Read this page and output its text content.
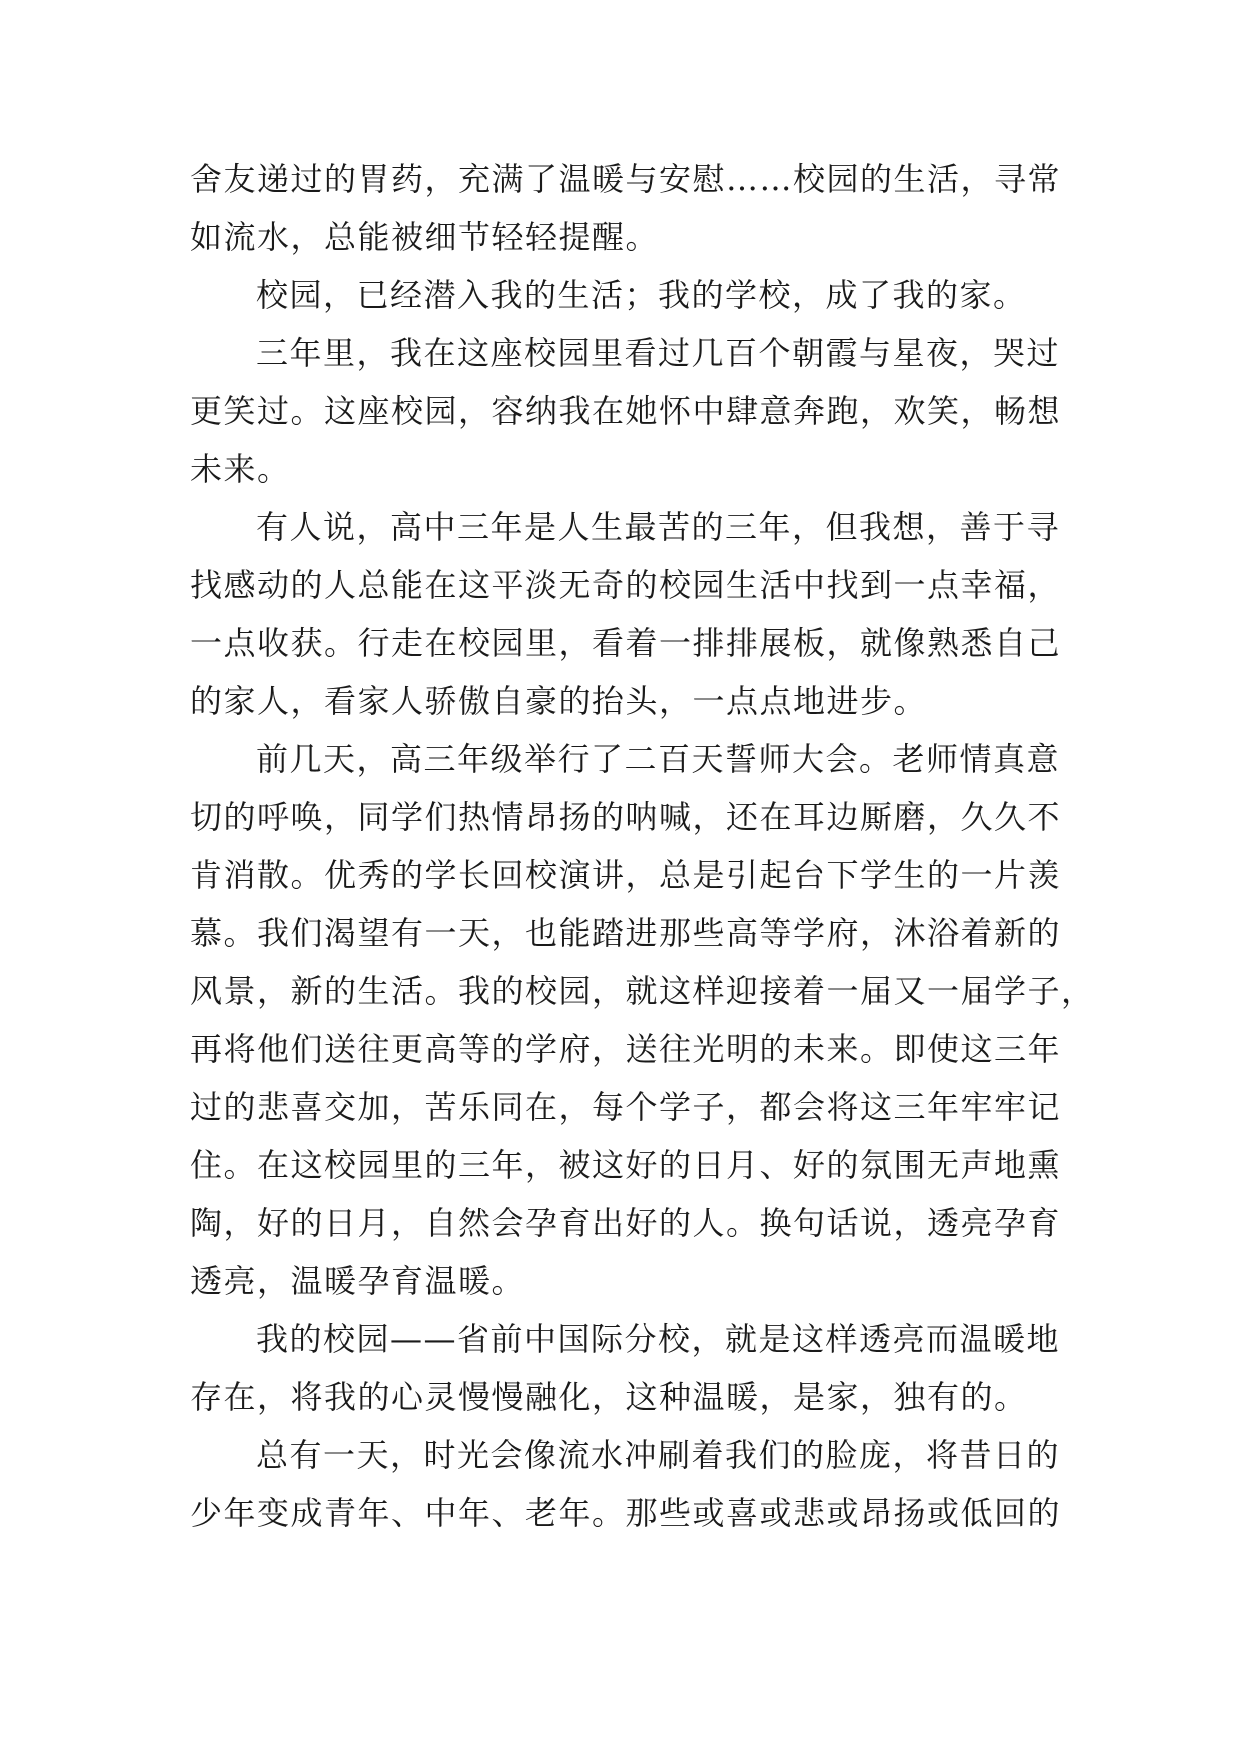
舍友递过的胃药，充满了温暖与安慰……校园的生活，寻常
如流水，总能被细节轻轻提醒。
校园，已经潜入我的生活；我的学校，成了我的家。
三年里，我在这座校园里看过几百个朝霞与星夜，哭过
更笑过。这座校园，容纳我在她怀中肆意奔跑，欢笑，畅想
未来。
有人说，高中三年是人生最苦的三年，但我想，善于寻
找感动的人总能在这平淡无奇的校园生活中找到一点幸福，
一点收获。行走在校园里，看着一排排展板，就像熟悉自己
的家人，看家人骄傲自豪的抬头，一点点地进步。
前几天，高三年级举行了二百天誓师大会。老师情真意
切的呼唤，同学们热情昂扬的呐喊，还在耳边厮磨，久久不
肯消散。优秀的学长回校演讲，总是引起台下学生的一片羡
慕。我们渴望有一天，也能踏进那些高等学府，沐浴着新的
风景，新的生活。我的校园，就这样迎接着一届又一届学子，
再将他们送往更高等的学府，送往光明的未来。即使这三年
过的悲喜交加，苦乐同在，每个学子，都会将这三年牢牢记
住。在这校园里的三年，被这好的日月、好的氛围无声地熏
陶，好的日月，自然会孕育出好的人。换句话说，透亮孕育
透亮，温暖孕育温暖。
我的校园——省前中国际分校，就是这样透亮而温暖地
存在，将我的心灵慢慢融化，这种温暖，是家，独有的。
总有一天，时光会像流水冲刷着我们的脸庞，将昔日的
少年变成青年、中年、老年。那些或喜或悲或昂扬或低回的
